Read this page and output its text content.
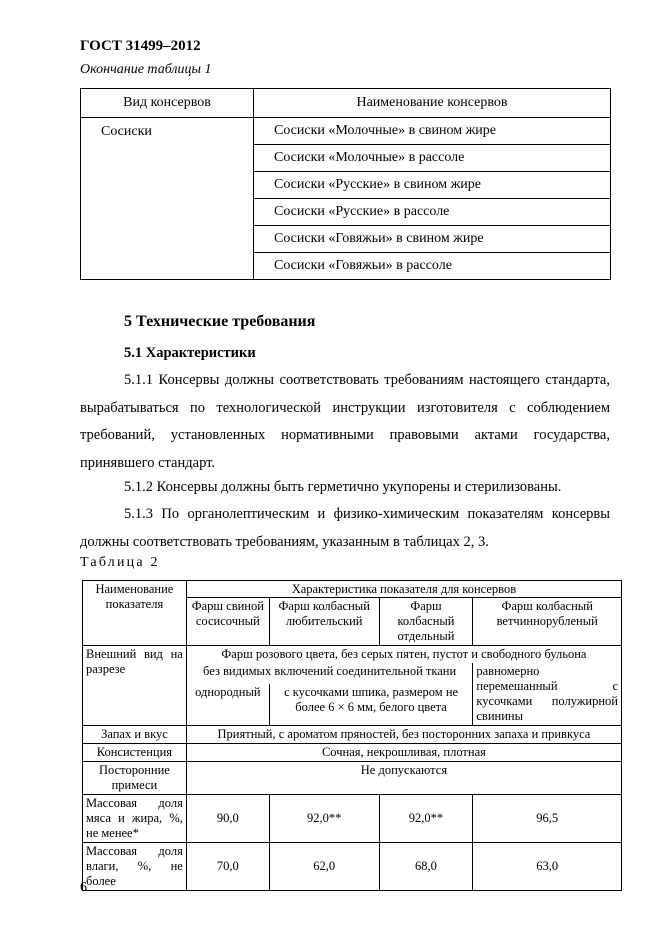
ГОСТ 31499–2012
Окончание таблицы 1
Вид консервов	Наименование консервов
Сосиски	Сосиски «Молочные» в свином жире
	Сосиски «Молочные» в рассоле
	Сосиски «Русские» в свином жире
	Сосиски «Русские» в рассоле
	Сосиски «Говяжьи» в свином жире
	Сосиски «Говяжьи» в рассоле
5 Технические требования
5.1 Характеристики
5.1.1 Консервы должны соответствовать требованиям настоящего стандарта, вырабатываться по технологической инструкции изготовителя с соблюдением требований, установленных нормативными правовыми актами государства, принявшего стандарт.
5.1.2 Консервы должны быть герметично укупорены и стерилизованы.
5.1.3 По органолептическим и физико-химическим показателям консервы должны соответствовать требованиям, указанным в таблицах 2, 3.
Таблица 2
Наименование показателя	Характеристика показателя для консервов			
	Фарш свиной сосисочный	Фарш колбасный любительский	Фарш колбасный отдельный	Фарш колбасный ветчиннорубленый
Внешний вид на разрезе	Фарш розового цвета, без серых пятен, пустот и свободного бульона			
	без видимых включений соединительной ткани			равномерно перемешанный с кусочками полужирной свинины
	однородный	с кусочками шпика, размером не более 6 × 6 мм, белого цвета		
Запах и вкус	Приятный, с ароматом пряностей, без посторонних запаха и привкуса			
Консистенция	Сочная, некрошливая, плотная			
Посторонние примеси	Не допускаются			
Массовая доля мяса и жира, %, не менее*	90,0	92,0**	92,0**	96,5
Массовая доля влаги, %, не более	70,0	62,0	68,0	63,0
6
